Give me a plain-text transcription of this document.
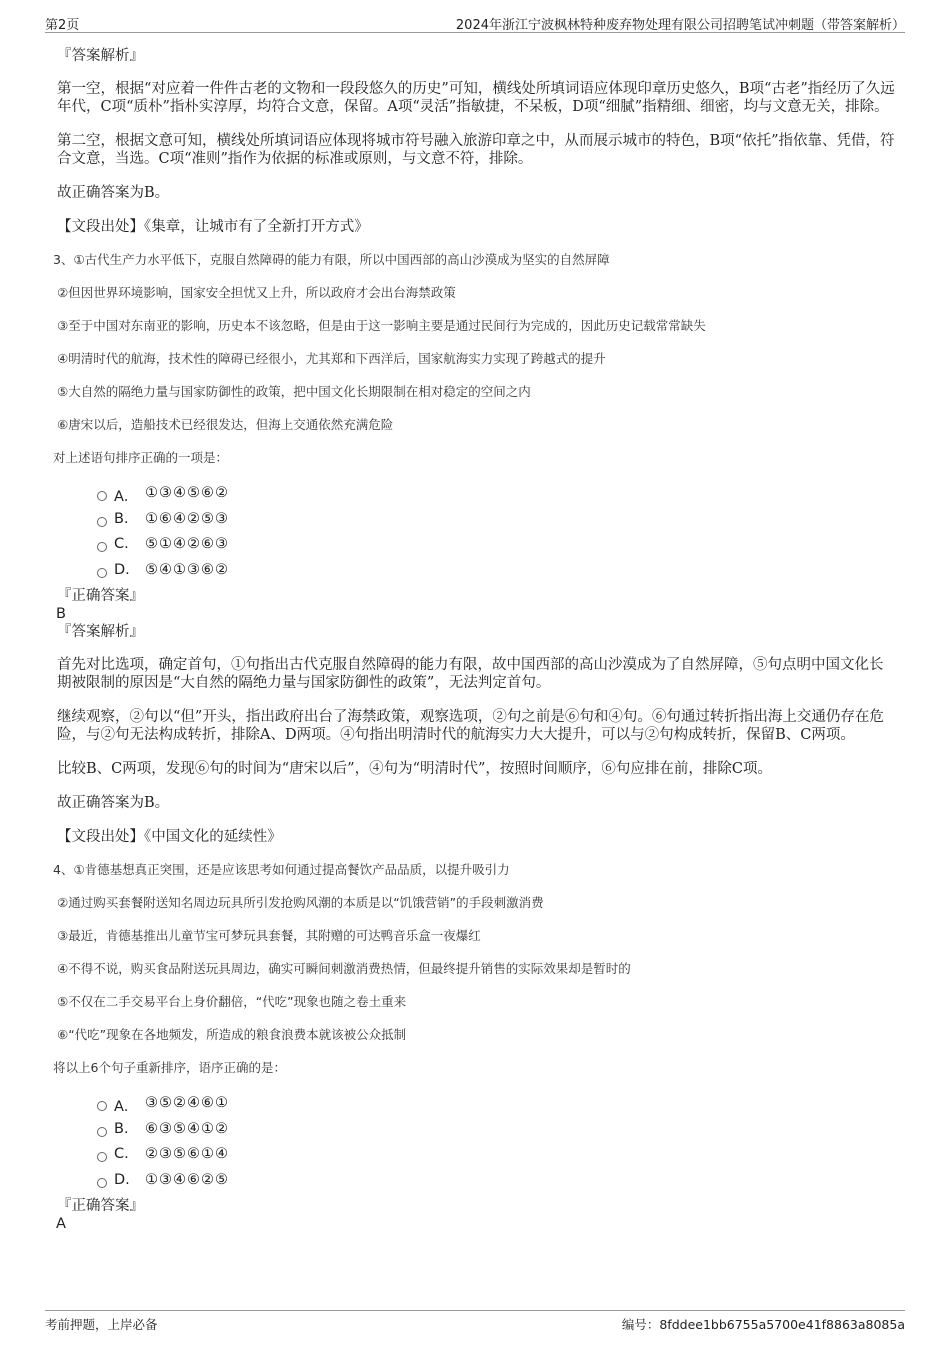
第2页	2024年浙江宁波枫林特种废弃物处理有限公司招聘笔试冲刺题（带答案解析）
『答案解析』

第一空，根据“对应着一件件古老的文物和一段段悠久的历史”可知，横线处所填词语应体现印章历史悠久，B项“古老”指经历了久远年代，C项“质朴”指朴实淳厚，均符合文意，保留。A项“灵活”指敏捷，不呆板，D项“细腻”指精细、细密，均与文意无关，排除。

第二空，根据文意可知，横线处所填词语应体现将城市符号融入旅游印章之中，从而展示城市的特色，B项“依托”指依靠、凭借，符合文意，当选。C项“准则”指作为依据的标准或原则，与文意不符，排除。

故正确答案为B。

【文段出处】《集章，让城市有了全新打开方式》

3、①古代生产力水平低下，克服自然障碍的能力有限，所以中国西部的高山沙漠成为坚实的自然屏障
②但因世界环境影响，国家安全担忧又上升，所以政府才会出台海禁政策
③至于中国对东南亚的影响，历史本不该忽略，但是由于这一影响主要是通过民间行为完成的，因此历史记载常常缺失
④明清时代的航海，技术性的障碍已经很小，尤其郑和下西洋后，国家航海实力实现了跨越式的提升
⑤大自然的隔绝力量与国家防御性的政策，把中国文化长期限制在相对稳定的空间之内
⑥唐宋以后，造船技术已经很发达，但海上交通依然充满危险
对上述语句排序正确的一项是：
A． ①③④⑤⑥②
B. ①⑥④②⑤③
C. ⑤①④②⑥③
D. ⑤④①③⑥②
『正确答案』
B
『答案解析』

首先对比选项，确定首句，①句指出古代克服自然障碍的能力有限，故中国西部的高山沙漠成为了自然屏障，⑤句点明中国文化长期被限制的原因是“大自然的隔绝力量与国家防御性的政策”，无法判定首句。

继续观察，②句以“但”开头，指出政府出台了海禁政策，观察选项，②句之前是⑥句和④句。⑥句通过转折指出海上交通仍存在危险，与②句无法构成转折，排除A、D两项。④句指出明清时代的航海实力大大提升，可以与②句构成转折，保留B、C两项。

比较B、C两项，发现⑥句的时间为“唐宋以后”，④句为“明清时代”，按照时间顺序，⑥句应排在前，排除C项。

故正确答案为B。

【文段出处】《中国文化的延续性》

4、①肯德基想真正突围，还是应该思考如何通过提高餐饮产品品质，以提升吸引力
②通过购买套餐附送知名周边玩具所引发抢购风潮的本质是以“饥饿营销”的手段刺激消费
③最近，肯德基推出儿童节宝可梦玩具套餐，其附赠的可达鸭音乐盒一夜爆红
④不得不说，购买食品附送玩具周边，确实可瞬间刺激消费热情，但最终提升销售的实际效果却是暂时的
⑤不仅在二手交易平台上身价翻倍，“代吃”现象也随之卷土重来
⑥“代吃”现象在各地频发，所造成的粮食浪费本就该被公众抵制
将以上6个句子重新排序，语序正确的是：
A． ③⑤②④⑥①
B. ⑥③⑤④①②
C. ②③⑤⑥①④
D. ①③④⑥②⑤
『正确答案』
A
考前押题，上岸必备	编号：8fddee1bb6755a5700e41f8863a8085a
